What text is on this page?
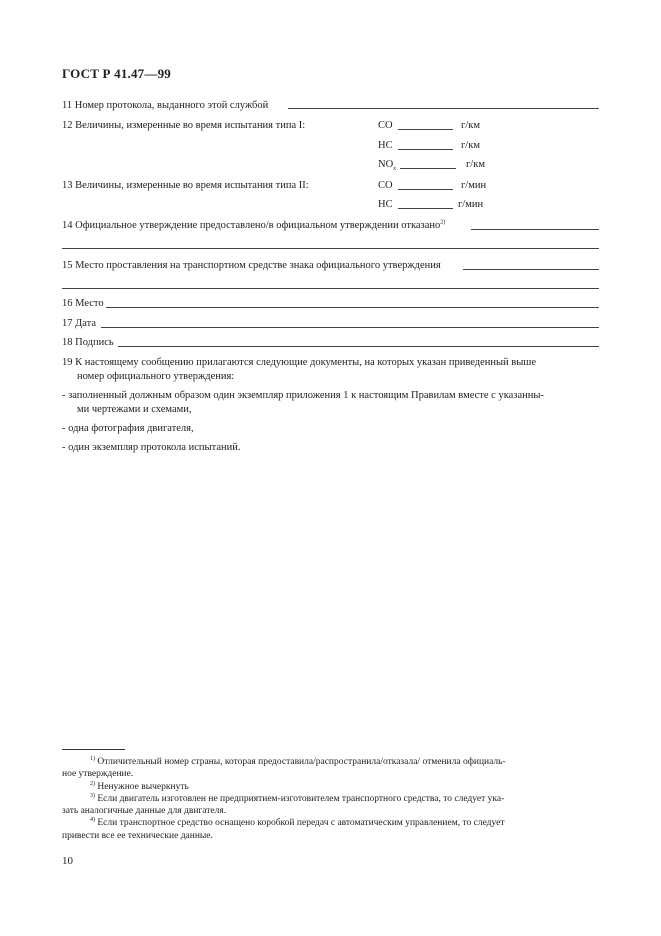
ГОСТ Р 41.47—99
11 Номер протокола, выданного этой службой
12 Величины, измеренные во время испытания типа I:	CO	г/км
HC	г/км
$NO_x$	г/км
13 Величины, измеренные во время испытания типа II:	CO	г/мин
HC	г/мин
14 Официальное утверждение предоставлено/в официальном утверждении отказано$^{2)}$
15 Место проставления на транспортном средстве знака официального утверждения
16 Место
17 Дата
18 Подпись
19 К настоящему сообщению прилагаются следующие документы, на которых указан приведенный выше
номер официального утверждения:
- заполненный должным образом один экземпляр приложения 1 к настоящим Правилам вместе с указанны-
ми чертежами и схемами,
- одна фотография двигателя,
- один экземпляр протокола испытаний.
$^{1)}$ Отличительный номер страны, которая предоставила/распространила/отказала/ отменила официаль-
ное утверждение.
$^{2)}$ Ненужное вычеркнуть
$^{3)}$ Если двигатель изготовлен не предприятием-изготовителем транспортного средства, то следует ука-
зать аналогичные данные для двигателя.
$^{4)}$ Если транспортное средство оснащено коробкой передач с автоматическим управлением, то следует
привести все ее технические данные.
10
